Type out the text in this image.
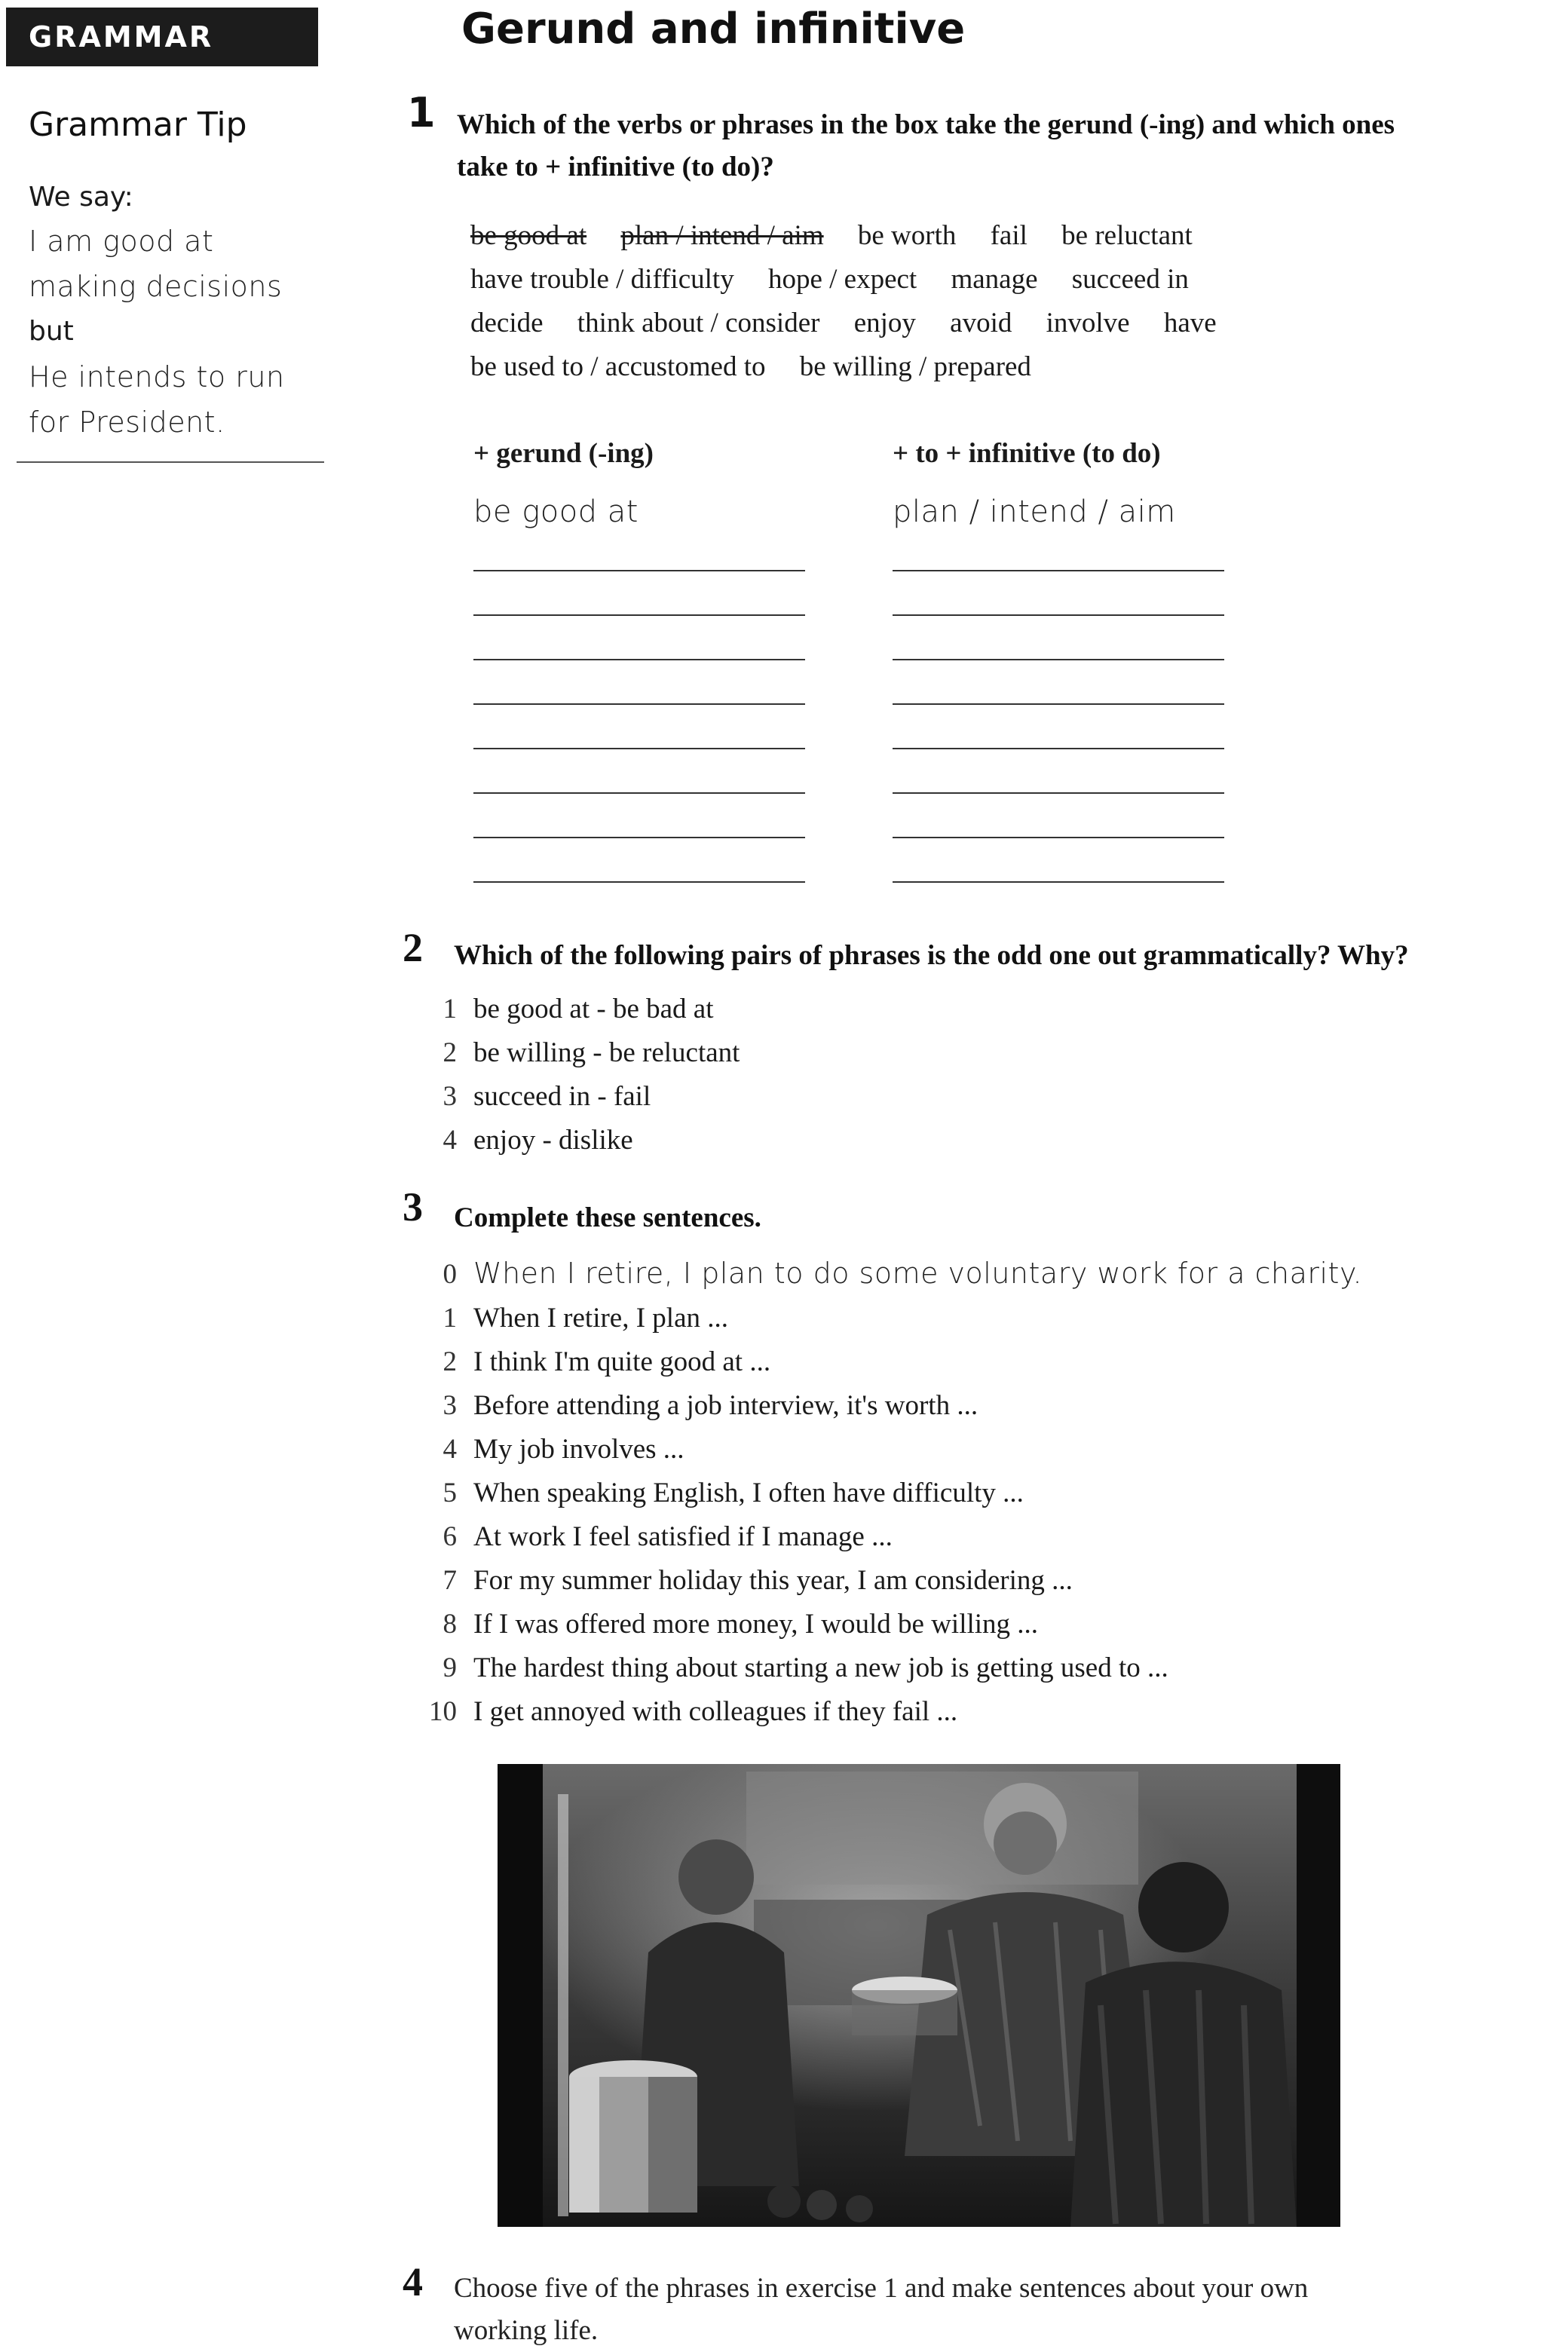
GRAMMAR
Grammar Tip
We say:
I am good at
making decisions
but
He intends to run
for President.
Gerund and infinitive
1 Which of the verbs or phrases in the box take the gerund (-ing) and which ones
take to + infinitive (to do)?
be good at plan / intend / aim be worth fail be reluctant
have trouble / difficulty hope / expect manage succeed in
decide think about / consider enjoy avoid involve have
be used to / accustomed to be willing / prepared
+ gerund (-ing)	+ to + infinitive (to do)
be good at	plan / intend / aim
2 Which of the following pairs of phrases is the odd one out grammatically? Why?
1 be good at - be bad at
2 be willing - be reluctant
3 succeed in - fail
4 enjoy - dislike
3 Complete these sentences.
0 When I retire, I plan to do some voluntary work for a charity.
1 When I retire, I plan ...
2 I think I'm quite good at ...
3 Before attending a job interview, it's worth ...
4 My job involves ...
5 When speaking English, I often have difficulty ...
6 At work I feel satisfied if I manage ...
7 For my summer holiday this year, I am considering ...
8 If I was offered more money, I would be willing ...
9 The hardest thing about starting a new job is getting used to ...
10 I get annoyed with colleagues if they fail ...
4 Choose five of the phrases in exercise 1 and make sentences about your own
working life.
